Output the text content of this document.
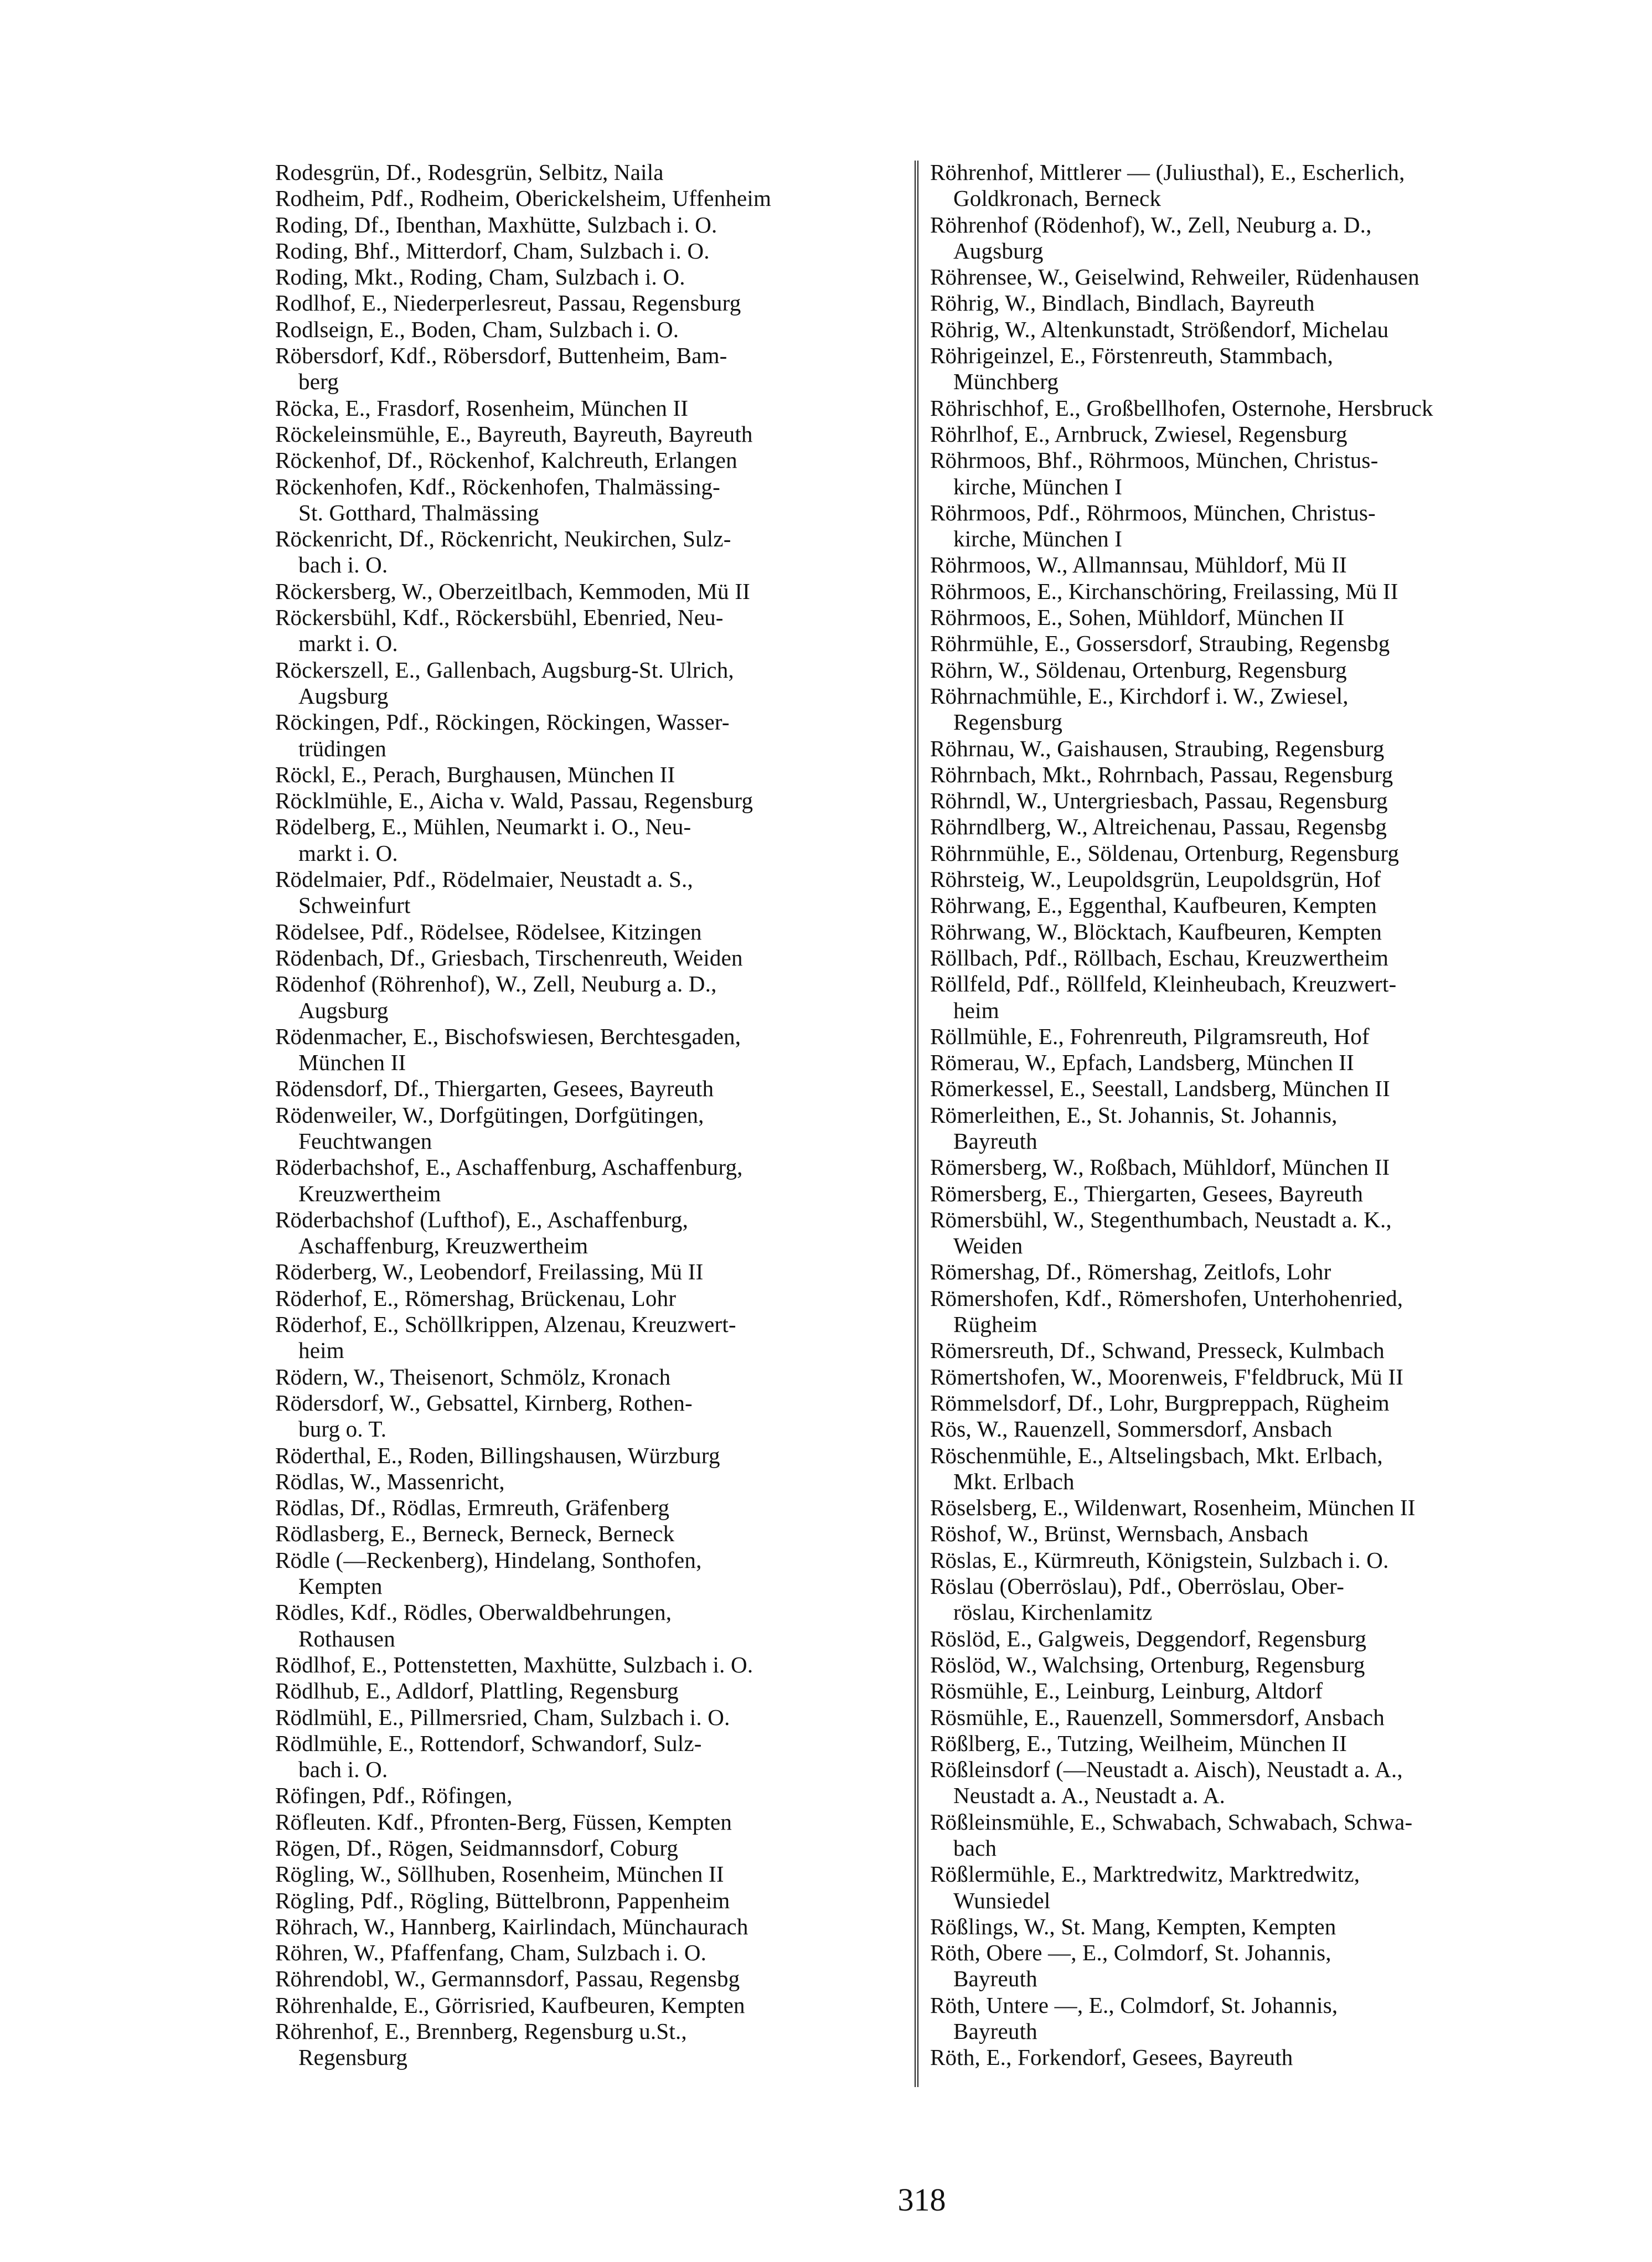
Rodesgrün, Df., Rodesgrün, Selbitz, Naila
Rodheim, Pdf., Rodheim, Oberickelsheim, Uffenheim
Roding, Df., Ibenthan, Maxhütte, Sulzbach i. O.
Roding, Bhf., Mitterdorf, Cham, Sulzbach i. O.
Roding, Mkt., Roding, Cham, Sulzbach i. O.
Rodlhof, E., Niederperlesreut, Passau, Regensburg
Rodlseign, E., Boden, Cham, Sulzbach i. O.
Röbersdorf, Kdf., Röbersdorf, Buttenheim, Bam-
berg
Röcka, E., Frasdorf, Rosenheim, München II
Röckeleinsmühle, E., Bayreuth, Bayreuth, Bayreuth
Röckenhof, Df., Röckenhof, Kalchreuth, Erlangen
Röckenhofen, Kdf., Röckenhofen, Thalmässing-
St. Gotthard, Thalmässing
Röckenricht, Df., Röckenricht, Neukirchen, Sulz-
bach i. O.
Röckersberg, W., Oberzeitlbach, Kemmoden, Mü II
Röckersbühl, Kdf., Röckersbühl, Ebenried, Neu-
markt i. O.
Röckerszell, E., Gallenbach, Augsburg-St. Ulrich,
Augsburg
Röckingen, Pdf., Röckingen, Röckingen, Wasser-
trüdingen
Röckl, E., Perach, Burghausen, München II
Röcklmühle, E., Aicha v. Wald, Passau, Regensburg
Rödelberg, E., Mühlen, Neumarkt i. O., Neu-
markt i. O.
Rödelmaier, Pdf., Rödelmaier, Neustadt a. S.,
Schweinfurt
Rödelsee, Pdf., Rödelsee, Rödelsee, Kitzingen
Rödenbach, Df., Griesbach, Tirschenreuth, Weiden
Rödenhof (Röhrenhof), W., Zell, Neuburg a. D.,
Augsburg
Rödenmacher, E., Bischofswiesen, Berchtesgaden,
München II
Rödensdorf, Df., Thiergarten, Gesees, Bayreuth
Rödenweiler, W., Dorfgütingen, Dorfgütingen,
Feuchtwangen
Röderbachshof, E., Aschaffenburg, Aschaffenburg,
Kreuzwertheim
Röderbachshof (Lufthof), E., Aschaffenburg,
Aschaffenburg, Kreuzwertheim
Röderberg, W., Leobendorf, Freilassing, Mü II
Röderhof, E., Römershag, Brückenau, Lohr
Röderhof, E., Schöllkrippen, Alzenau, Kreuzwert-
heim
Rödern, W., Theisenort, Schmölz, Kronach
Rödersdorf, W., Gebsattel, Kirnberg, Rothen-
burg o. T.
Röderthal, E., Roden, Billingshausen, Würzburg
Rödlas, W., Massenricht,
Rödlas, Df., Rödlas, Ermreuth, Gräfenberg
Rödlasberg, E., Berneck, Berneck, Berneck
Rödle (—Reckenberg), Hindelang, Sonthofen,
Kempten
Rödles, Kdf., Rödles, Oberwaldbehrungen,
Rothausen
Rödlhof, E., Pottenstetten, Maxhütte, Sulzbach i. O.
Rödlhub, E., Adldorf, Plattling, Regensburg
Rödlmühl, E., Pillmersried, Cham, Sulzbach i. O.
Rödlmühle, E., Rottendorf, Schwandorf, Sulz-
bach i. O.
Röfingen, Pdf., Röfingen,
Röfleuten. Kdf., Pfronten-Berg, Füssen, Kempten
Rögen, Df., Rögen, Seidmannsdorf, Coburg
Rögling, W., Söllhuben, Rosenheim, München II
Rögling, Pdf., Rögling, Büttelbronn, Pappenheim
Röhrach, W., Hannberg, Kairlindach, Münchaurach
Röhren, W., Pfaffenfang, Cham, Sulzbach i. O.
Röhrendobl, W., Germannsdorf, Passau, Regensbg
Röhrenhalde, E., Görrisried, Kaufbeuren, Kempten
Röhrenhof, E., Brennberg, Regensburg u.St.,
Regensburg
Röhrenhof, Mittlerer — (Juliusthal), E., Escherlich,
Goldkronach, Berneck
Röhrenhof (Rödenhof), W., Zell, Neuburg a. D.,
Augsburg
Röhrensee, W., Geiselwind, Rehweiler, Rüdenhausen
Röhrig, W., Bindlach, Bindlach, Bayreuth
Röhrig, W., Altenkunstadt, Strößendorf, Michelau
Röhrigeinzel, E., Förstenreuth, Stammbach,
Münchberg
Röhrischhof, E., Großbellhofen, Osternohe, Hersbruck
Röhrlhof, E., Arnbruck, Zwiesel, Regensburg
Röhrmoos, Bhf., Röhrmoos, München, Christus-
kirche, München I
Röhrmoos, Pdf., Röhrmoos, München, Christus-
kirche, München I
Röhrmoos, W., Allmannsau, Mühldorf, Mü II
Röhrmoos, E., Kirchanschöring, Freilassing, Mü II
Röhrmoos, E., Sohen, Mühldorf, München II
Röhrmühle, E., Gossersdorf, Straubing, Regensbg
Röhrn, W., Söldenau, Ortenburg, Regensburg
Röhrnachmühle, E., Kirchdorf i. W., Zwiesel,
Regensburg
Röhrnau, W., Gaishausen, Straubing, Regensburg
Röhrnbach, Mkt., Rohrnbach, Passau, Regensburg
Röhrndl, W., Untergriesbach, Passau, Regensburg
Röhrndlberg, W., Altreichenau, Passau, Regensbg
Röhrnmühle, E., Söldenau, Ortenburg, Regensburg
Röhrsteig, W., Leupoldsgrün, Leupoldsgrün, Hof
Röhrwang, E., Eggenthal, Kaufbeuren, Kempten
Röhrwang, W., Blöcktach, Kaufbeuren, Kempten
Röllbach, Pdf., Röllbach, Eschau, Kreuzwertheim
Röllfeld, Pdf., Röllfeld, Kleinheubach, Kreuzwert-
heim
Röllmühle, E., Fohrenreuth, Pilgramsreuth, Hof
Römerau, W., Epfach, Landsberg, München II
Römerkessel, E., Seestall, Landsberg, München II
Römerleithen, E., St. Johannis, St. Johannis,
Bayreuth
Römersberg, W., Roßbach, Mühldorf, München II
Römersberg, E., Thiergarten, Gesees, Bayreuth
Römersbühl, W., Stegenthumbach, Neustadt a. K.,
Weiden
Römershag, Df., Römershag, Zeitlofs, Lohr
Römershofen, Kdf., Römershofen, Unterhohenried,
Rügheim
Römersreuth, Df., Schwand, Presseck, Kulmbach
Römertshofen, W., Moorenweis, F'feldbruck, Mü II
Römmelsdorf, Df., Lohr, Burgpreppach, Rügheim
Rös, W., Rauenzell, Sommersdorf, Ansbach
Röschenmühle, E., Altselingsbach, Mkt. Erlbach,
Mkt. Erlbach
Röselsberg, E., Wildenwart, Rosenheim, München II
Röshof, W., Brünst, Wernsbach, Ansbach
Röslas, E., Kürmreuth, Königstein, Sulzbach i. O.
Röslau (Oberröslau), Pdf., Oberröslau, Ober-
röslau, Kirchenlamitz
Röslöd, E., Galgweis, Deggendorf, Regensburg
Röslöd, W., Walchsing, Ortenburg, Regensburg
Rösmühle, E., Leinburg, Leinburg, Altdorf
Rösmühle, E., Rauenzell, Sommersdorf, Ansbach
Rößlberg, E., Tutzing, Weilheim, München II
Rößleinsdorf (—Neustadt a. Aisch), Neustadt a. A.,
Neustadt a. A., Neustadt a. A.
Rößleinsmühle, E., Schwabach, Schwabach, Schwa-
bach
Rößlermühle, E., Marktredwitz, Marktredwitz,
Wunsiedel
Rößlings, W., St. Mang, Kempten, Kempten
Röth, Obere —, E., Colmdorf, St. Johannis,
Bayreuth
Röth, Untere —, E., Colmdorf, St. Johannis,
Bayreuth
Röth, E., Forkendorf, Gesees, Bayreuth
318
